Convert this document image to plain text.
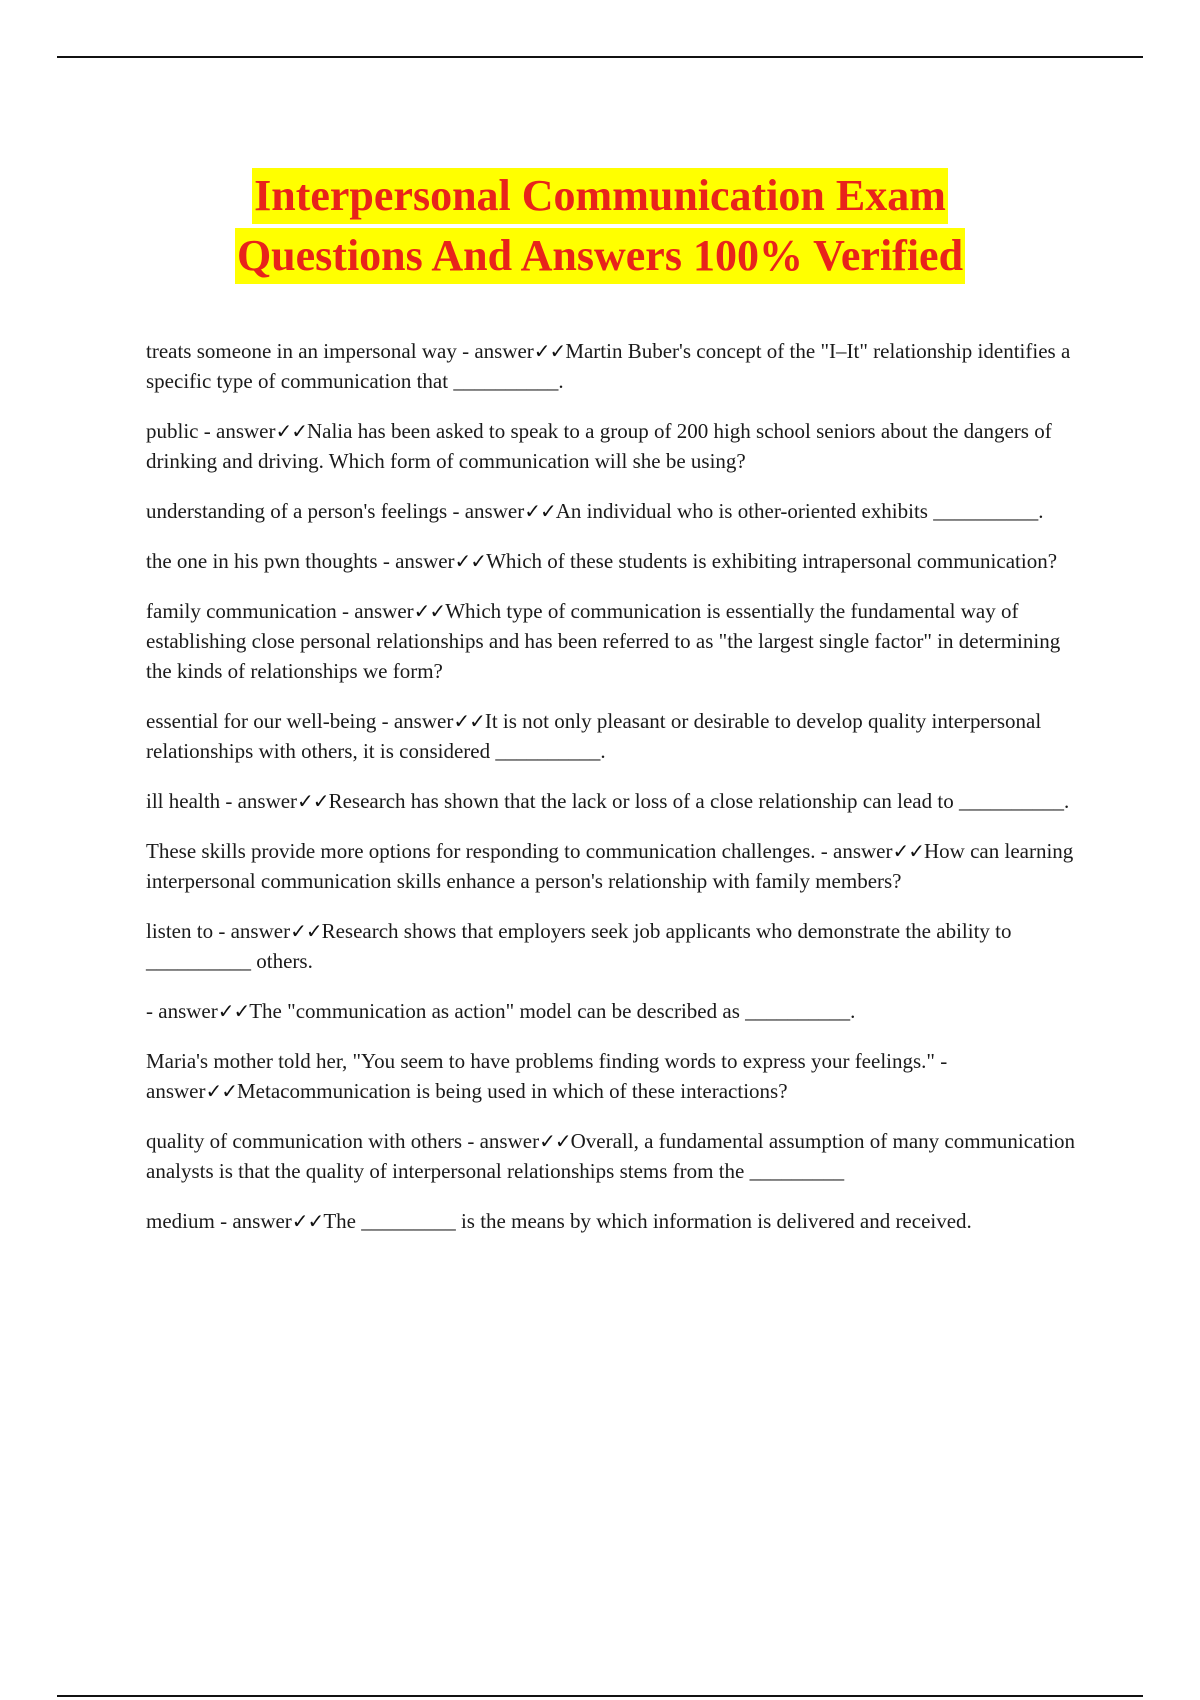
Interpersonal Communication Exam
Questions And Answers 100% Verified
treats someone in an impersonal way - answer✓✓Martin Buber's concept of the "I–It" relationship identifies a specific type of communication that __________.
public - answer✓✓Nalia has been asked to speak to a group of 200 high school seniors about the dangers of drinking and driving. Which form of communication will she be using?
understanding of a person's feelings - answer✓✓An individual who is other-oriented exhibits __________.
the one in his pwn thoughts - answer✓✓Which of these students is exhibiting intrapersonal communication?
family communication - answer✓✓Which type of communication is essentially the fundamental way of establishing close personal relationships and has been referred to as "the largest single factor" in determining the kinds of relationships we form?
essential for our well-being - answer✓✓It is not only pleasant or desirable to develop quality interpersonal relationships with others, it is considered __________.
ill health - answer✓✓Research has shown that the lack or loss of a close relationship can lead to __________.
These skills provide more options for responding to communication challenges. - answer✓✓How can learning interpersonal communication skills enhance a person's relationship with family members?
listen to - answer✓✓Research shows that employers seek job applicants who demonstrate the ability to __________ others.
- answer✓✓The "communication as action" model can be described as __________.
Maria's mother told her, "You seem to have problems finding words to express your feelings." - answer✓✓Metacommunication is being used in which of these interactions?
quality of communication with others - answer✓✓Overall, a fundamental assumption of many communication analysts is that the quality of interpersonal relationships stems from the _________
medium - answer✓✓The _________ is the means by which information is delivered and received.
